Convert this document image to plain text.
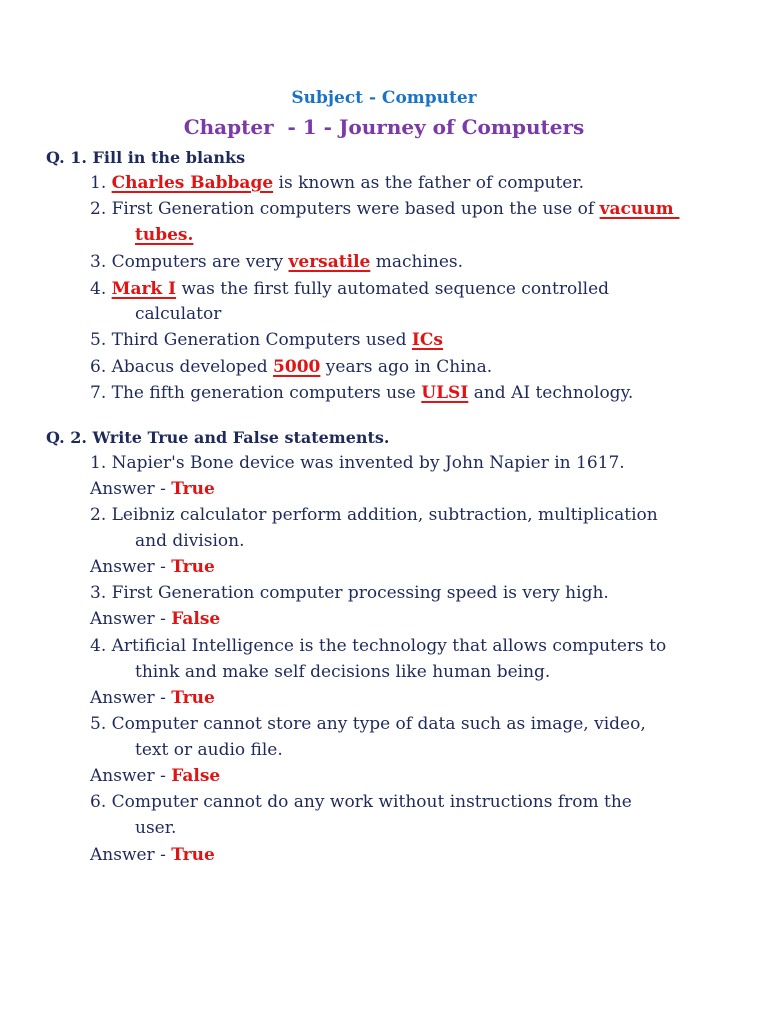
Subject - Computer
Chapter  - 1 - Journey of Computers
Q. 1. Fill in the blanks
1. Charles Babbage is known as the father of computer.
2. First Generation computers were based upon the use of vacuum
tubes.
3. Computers are very versatile machines.
4. Mark I was the first fully automated sequence controlled
calculator
5. Third Generation Computers used ICs
6. Abacus developed 5000 years ago in China.
7. The fifth generation computers use ULSI and AI technology.
Q. 2. Write True and False statements.
1. Napier's Bone device was invented by John Napier in 1617.
Answer - True
2. Leibniz calculator perform addition, subtraction, multiplication
and division.
Answer - True
3. First Generation computer processing speed is very high.
Answer - False
4. Artificial Intelligence is the technology that allows computers to
think and make self decisions like human being.
Answer - True
5. Computer cannot store any type of data such as image, video,
text or audio file.
Answer - False
6. Computer cannot do any work without instructions from the
user.
Answer - True
